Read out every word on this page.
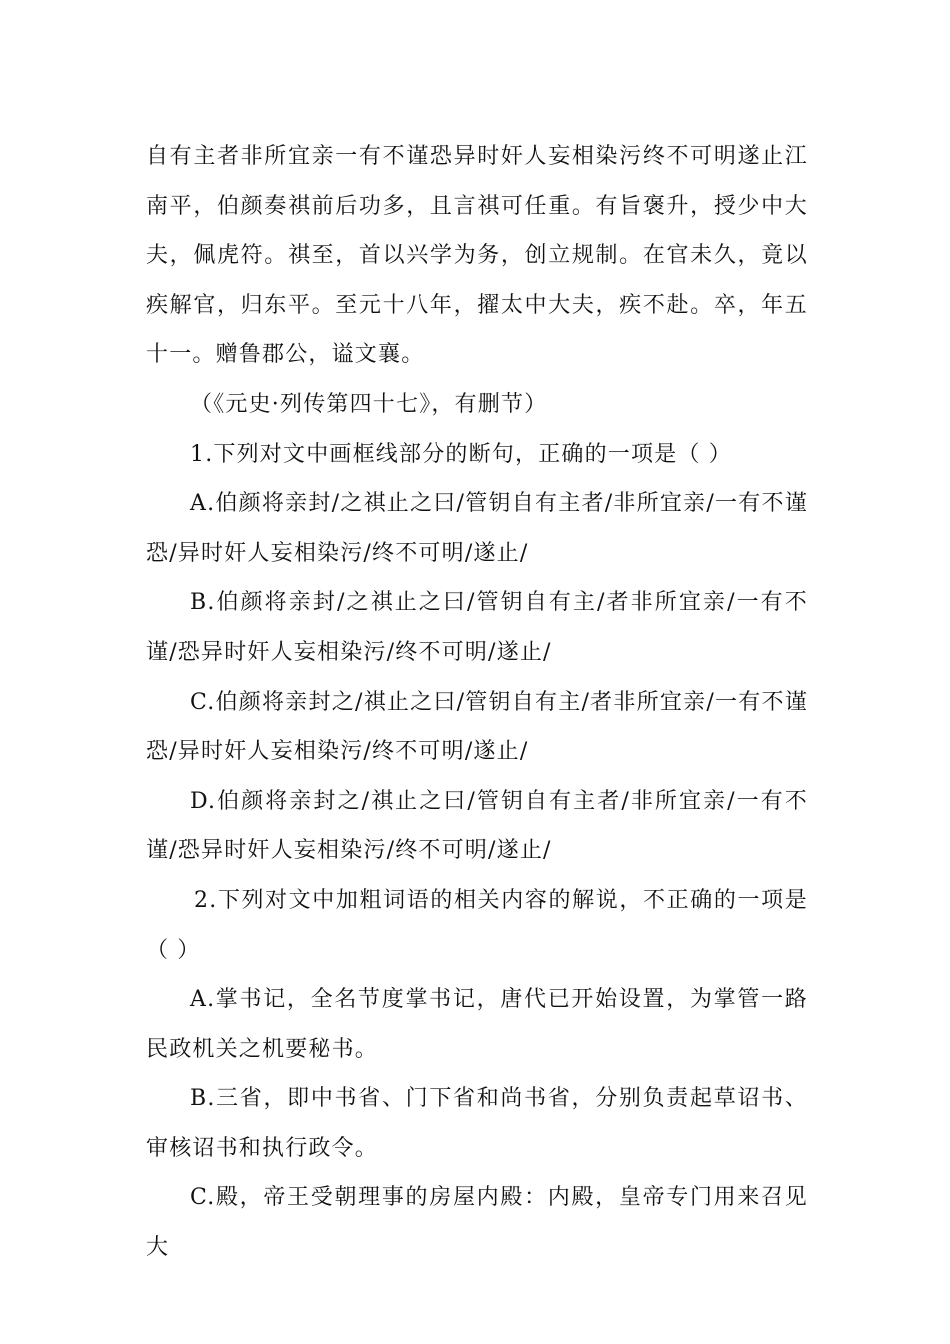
自有主者非所宜亲一有不谨恐异时奸人妄相染污终不可明遂止江南平，伯颜奏祺前后功多，且言祺可任重。有旨褒升，授少中大夫，佩虎符。祺至，首以兴学为务，创立规制。在官未久，竟以疾解官，归东平。至元十八年，擢太中大夫，疾不赴。卒，年五十一。赠鲁郡公，谥文襄。

（《元史·列传第四十七》，有删节）

1.下列对文中画框线部分的断句，正确的一项是（ ）

A.伯颜将亲封/之祺止之曰/管钥自有主者/非所宜亲/一有不谨恐/异时奸人妄相染污/终不可明/遂止/

B.伯颜将亲封/之祺止之曰/管钥自有主/者非所宜亲/一有不谨/恐异时奸人妄相染污/终不可明/遂止/

C.伯颜将亲封之/祺止之曰/管钥自有主/者非所宜亲/一有不谨恐/异时奸人妄相染污/终不可明/遂止/

D.伯颜将亲封之/祺止之曰/管钥自有主者/非所宜亲/一有不谨/恐异时奸人妄相染污/终不可明/遂止/

2.下列对文中加粗词语的相关内容的解说，不正确的一项是（ ）

A.掌书记，全名节度掌书记，唐代已开始设置，为掌管一路民政机关之机要秘书。

B.三省，即中书省、门下省和尚书省，分别负责起草诏书、审核诏书和执行政令。

C.殿，帝王受朝理事的房屋内殿：内殿，皇帝专门用来召见大
